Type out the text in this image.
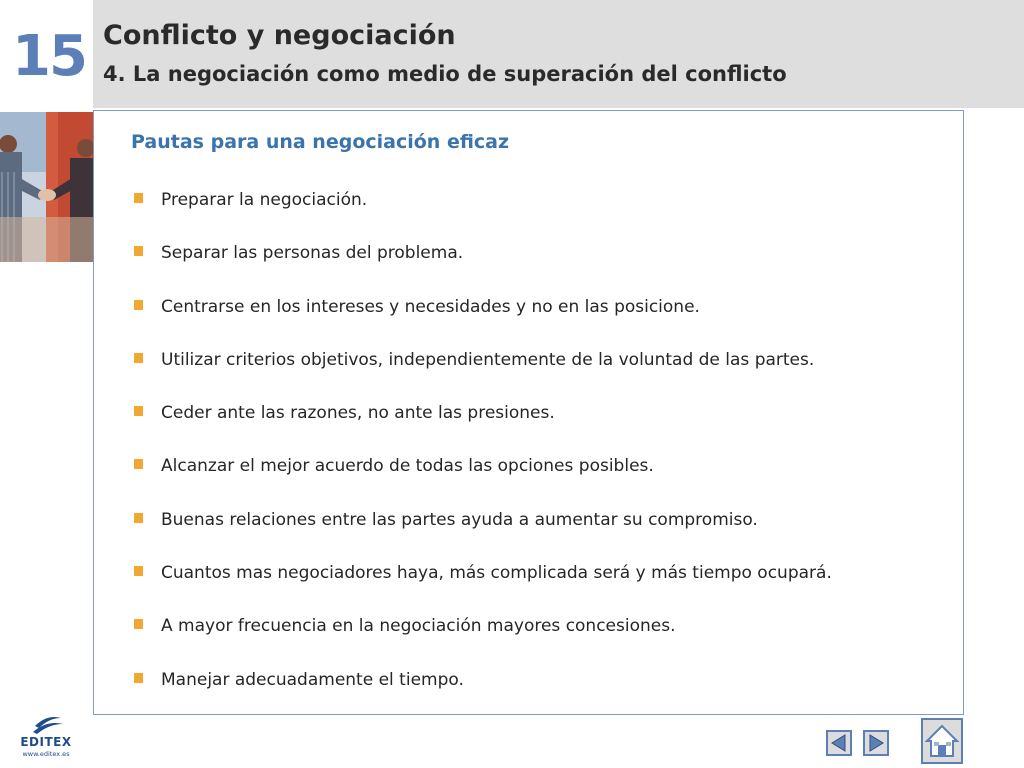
15 Conflicto y negociación
4. La negociación como medio de superación del conflicto
Pautas para una negociación eficaz
Preparar la negociación.
Separar las personas del problema.
Centrarse en los intereses y necesidades y no en las posicione.
Utilizar criterios objetivos, independientemente de la voluntad de las partes.
Ceder ante las razones, no ante las presiones.
Alcanzar el mejor acuerdo de todas las opciones posibles.
Buenas relaciones entre las partes ayuda a aumentar su compromiso.
Cuantos mas negociadores haya, más complicada será y más tiempo ocupará.
A mayor frecuencia en la negociación mayores concesiones.
Manejar adecuadamente el tiempo.
EDITEX
www.editex.es
